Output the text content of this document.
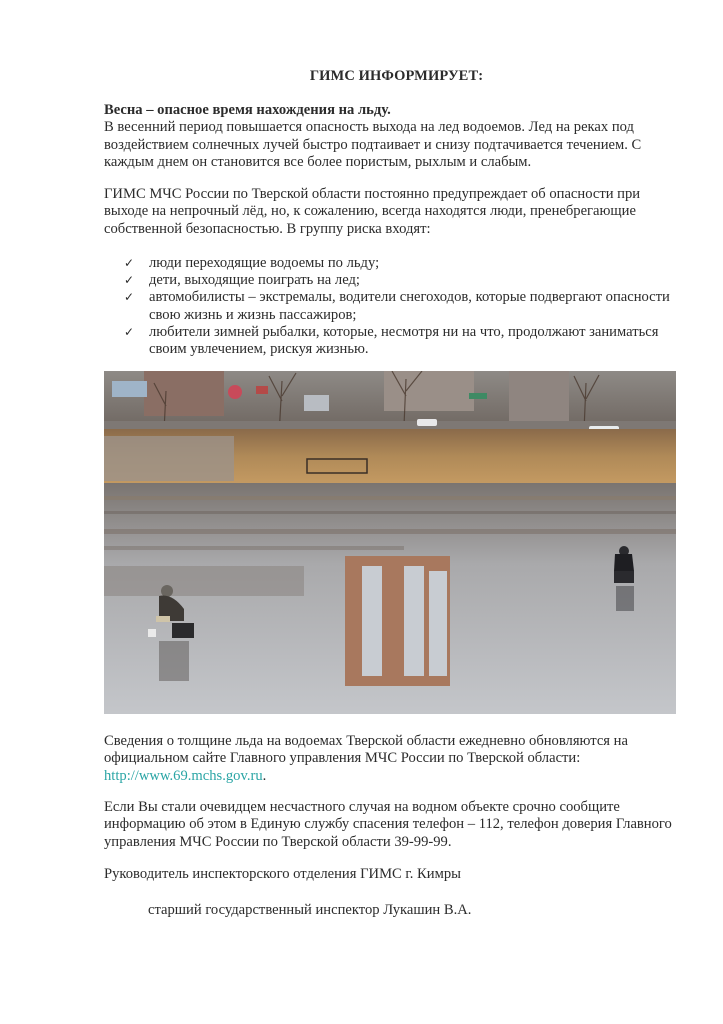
ГИМС ИНФОРМИРУЕТ:
Весна – опасное время нахождения на льду.
В весенний период повышается опасность выхода на лед водоемов. Лед на реках под воздействием солнечных лучей быстро подтаивает и снизу подтачивается течением. С каждым днем он становится все более пористым, рыхлым и слабым.
ГИМС МЧС России по Тверской области постоянно предупреждает об опасности при выходе на непрочный лёд, но, к сожалению, всегда находятся люди, пренебрегающие собственной безопасностью. В группу риска входят:
✓ люди переходящие водоемы по льду;
✓ дети, выходящие поиграть на лед;
✓ автомобилисты – экстремалы, водители снегоходов, которые подвергают опасности свою жизнь и жизнь пассажиров;
✓ любители зимней рыбалки, которые, несмотря ни на что, продолжают заниматься своим увлечением, рискуя жизнью.
Сведения о толщине льда на водоемах Тверской области ежедневно обновляются на официальном сайте Главного управления МЧС России по Тверской области: http://www.69.mchs.gov.ru.
Если Вы стали очевидцем несчастного случая на водном объекте срочно сообщите информацию об этом в Единую службу спасения телефон – 112, телефон доверия Главного управления МЧС России по Тверской области 39-99-99.
Руководитель инспекторского отделения ГИМС г. Кимры
старший государственный инспектор Лукашин В.А.
